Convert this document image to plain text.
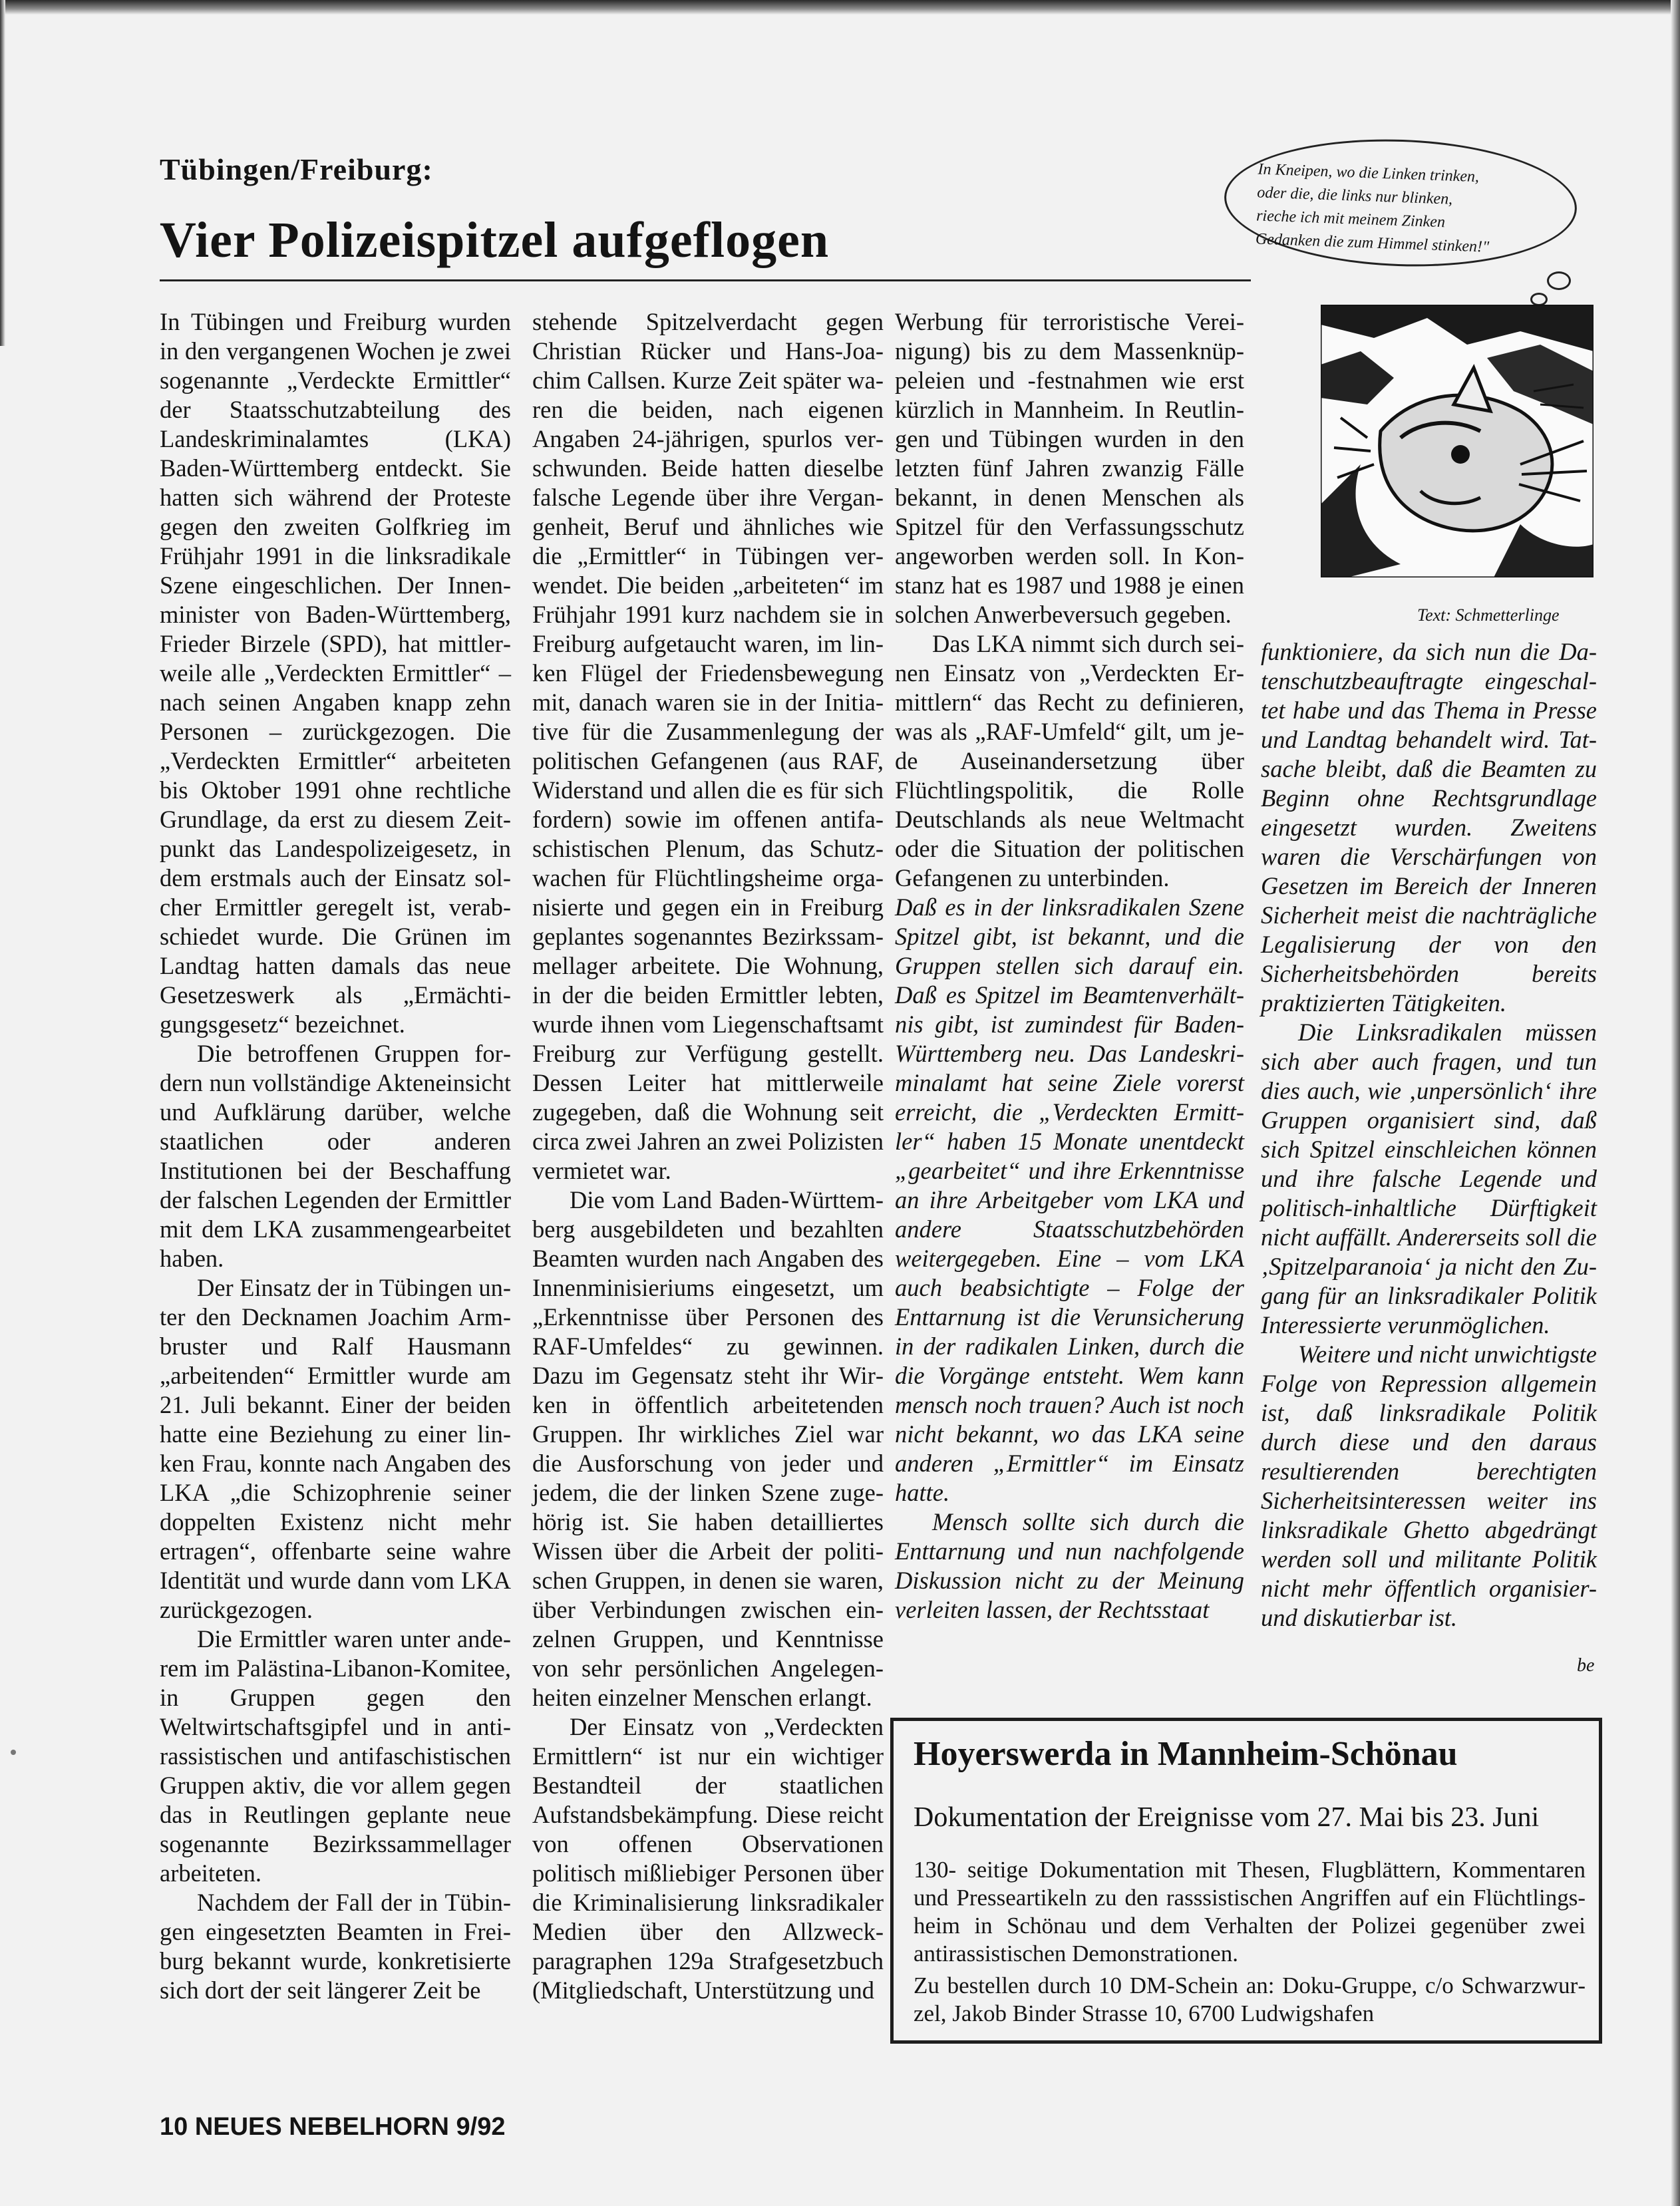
Tübingen/Freiburg:
Vier Polizeispitzel aufgeflogen
In Kneipen, wo die Linken trinken,
oder die, die links nur blinken,
rieche ich mit meinem Zinken
Gedanken die zum Himmel stinken!"
Text: Schmetterlinge

In Tübingen und Freiburg wurden in den vergangenen Wochen je zwei sogenannte „Verdeckte Ermittler“ der Staatsschutzabteilung des Landeskriminalamtes (LKA) Baden-Württemberg entdeckt. Sie hatten sich während der Proteste gegen den zweiten Golfkrieg im Frühjahr 1991 in die linksradikale Szene eingeschlichen. Der Innenminister von Baden-Württemberg, Frieder Birzele (SPD), hat mittlerweile alle „Verdeckten Ermittler“ – nach seinen Angaben knapp zehn Personen – zurückgezogen. Die „Verdeckten Ermittler“ arbeiteten bis Oktober 1991 ohne rechtliche Grundlage, da erst zu diesem Zeitpunkt das Landespolizeigesetz, in dem erstmals auch der Einsatz solcher Ermittler geregelt ist, verabschiedet wurde. Die Grünen im Landtag hatten damals das neue Gesetzeswerk als „Ermächtigungsgesetz“ bezeichnet.

Die betroffenen Gruppen fordern nun vollständige Akteneinsicht und Aufklärung darüber, welche staatlichen oder anderen Institutionen bei der Beschaffung der falschen Legenden der Ermittler mit dem LKA zusammengearbeitet haben.

Der Einsatz der in Tübingen unter den Decknamen Joachim Armbruster und Ralf Hausmann „arbeitenden“ Ermittler wurde am 21. Juli bekannt. Einer der beiden hatte eine Beziehung zu einer linken Frau, konnte nach Angaben des LKA „die Schizophrenie seiner doppelten Existenz nicht mehr ertragen“, offenbarte seine wahre Identität und wurde dann vom LKA zurückgezogen.

Die Ermittler waren unter anderem im Palästina-Libanon-Komitee, in Gruppen gegen den Weltwirtschaftsgipfel und in antirassistischen und antifaschistischen Gruppen aktiv, die vor allem gegen das in Reutlingen geplante neue sogenannte Bezirkssammellager arbeiteten.

Nachdem der Fall der in Tübingen eingesetzten Beamten in Freiburg bekannt wurde, konkretisierte sich dort der seit längerer Zeit be

stehende Spitzelverdacht gegen Christian Rücker und Hans-Joachim Callsen. Kurze Zeit später waren die beiden, nach eigenen Angaben 24-jährigen, spurlos verschwunden. Beide hatten dieselbe falsche Legende über ihre Vergangenheit, Beruf und ähnliches wie die „Ermittler“ in Tübingen verwendet. Die beiden „arbeiteten“ im Frühjahr 1991 kurz nachdem sie in Freiburg aufgetaucht waren, im linken Flügel der Friedensbewegung mit, danach waren sie in der Initiative für die Zusammenlegung der politischen Gefangenen (aus RAF, Widerstand und allen die es für sich fordern) sowie im offenen antifaschistischen Plenum, das Schutzwachen für Flüchtlingsheime organisierte und gegen ein in Freiburg geplantes sogenanntes Bezirkssammellager arbeitete. Die Wohnung, in der die beiden Ermittler lebten, wurde ihnen vom Liegenschaftsamt Freiburg zur Verfügung gestellt. Dessen Leiter hat mittlerweile zugegeben, daß die Wohnung seit circa zwei Jahren an zwei Polizisten vermietet war.

Die vom Land Baden-Württemberg ausgebildeten und bezahlten Beamten wurden nach Angaben des Innenminisieriums eingesetzt, um „Erkenntnisse über Personen des RAF-Umfeldes“ zu gewinnen. Dazu im Gegensatz steht ihr Wirken in öffentlich arbeitetenden Gruppen. Ihr wirkliches Ziel war die Ausforschung von jeder und jedem, die der linken Szene zugehörig ist. Sie haben detailliertes Wissen über die Arbeit der politischen Gruppen, in denen sie waren, über Verbindungen zwischen einzelnen Gruppen, und Kenntnisse von sehr persönlichen Angelegenheiten einzelner Menschen erlangt.

Der Einsatz von „Verdeckten Ermittlern“ ist nur ein wichtiger Bestandteil der staatlichen Aufstandsbekämpfung. Diese reicht von offenen Observationen politisch mißliebiger Personen über die Kriminalisierung linksradikaler Medien über den Allzweckparagraphen 129a Strafgesetzbuch (Mitgliedschaft, Unterstützung und

Werbung für terroristische Vereinigung) bis zu dem Massenknüppeleien und -festnahmen wie erst kürzlich in Mannheim. In Reutlingen und Tübingen wurden in den letzten fünf Jahren zwanzig Fälle bekannt, in denen Menschen als Spitzel für den Verfassungsschutz angeworben werden soll. In Konstanz hat es 1987 und 1988 je einen solchen Anwerbeversuch gegeben.

Das LKA nimmt sich durch seinen Einsatz von „Verdeckten Ermittlern“ das Recht zu definieren, was als „RAF-Umfeld“ gilt, um jede Auseinandersetzung über Flüchtlingspolitik, die Rolle Deutschlands als neue Weltmacht oder die Situation der politischen Gefangenen zu unterbinden.

Daß es in der linksradikalen Szene Spitzel gibt, ist bekannt, und die Gruppen stellen sich darauf ein. Daß es Spitzel im Beamtenverhältnis gibt, ist zumindest für Baden-Württemberg neu. Das Landeskriminalamt hat seine Ziele vorerst erreicht, die „Verdeckten Ermittler“ haben 15 Monate unentdeckt „gearbeitet“ und ihre Erkenntnisse an ihre Arbeitgeber vom LKA und andere Staatsschutzbehörden weitergegeben. Eine – vom LKA auch beabsichtigte – Folge der Enttarnung ist die Verunsicherung in der radikalen Linken, durch die die Vorgänge entsteht. Wem kann mensch noch trauen? Auch ist noch nicht bekannt, wo das LKA seine anderen „Ermittler“ im Einsatz hatte.

Mensch sollte sich durch die Enttarnung und nun nachfolgende Diskussion nicht zu der Meinung verleiten lassen, der Rechtsstaat

funktioniere, da sich nun die Datenschutzbeauftragte eingeschaltet habe und das Thema in Presse und Landtag behandelt wird. Tatsache bleibt, daß die Beamten zu Beginn ohne Rechtsgrundlage eingesetzt wurden. Zweitens waren die Verschärfungen von Gesetzen im Bereich der Inneren Sicherheit meist die nachträgliche Legalisierung der von den Sicherheitsbehörden bereits praktizierten Tätigkeiten.

Die Linksradikalen müssen sich aber auch fragen, und tun dies auch, wie ‚unpersönlich‘ ihre Gruppen organisiert sind, daß sich Spitzel einschleichen können und ihre falsche Legende und politisch-inhaltliche Dürftigkeit nicht auffällt. Andererseits soll die ‚Spitzelparanoia‘ ja nicht den Zugang für an linksradikaler Politik Interessierte verunmöglichen.

Weitere und nicht unwichtigste Folge von Repression allgemein ist, daß linksradikale Politik durch diese und den daraus resultierenden berechtigten Sicherheitsinteressen weiter ins linksradikale Ghetto abgedrängt werden soll und militante Politik nicht mehr öffentlich organisier- und diskutierbar ist.

be
Hoyerswerda in Mannheim-Schönau
Dokumentation der Ereignisse vom 27. Mai bis 23. Juni

130- seitige Dokumentation mit Thesen, Flugblättern, Kommentaren und Presseartikeln zu den rasssistischen Angriffen auf ein Flüchtlingsheim in Schönau und dem Verhalten der Polizei gegenüber zwei antirassistischen Demonstrationen.

Zu bestellen durch 10 DM-Schein an: Doku-Gruppe, c/o Schwarzwurzel, Jakob Binder Strasse 10, 6700 Ludwigshafen

10 NEUES NEBELHORN 9/92
